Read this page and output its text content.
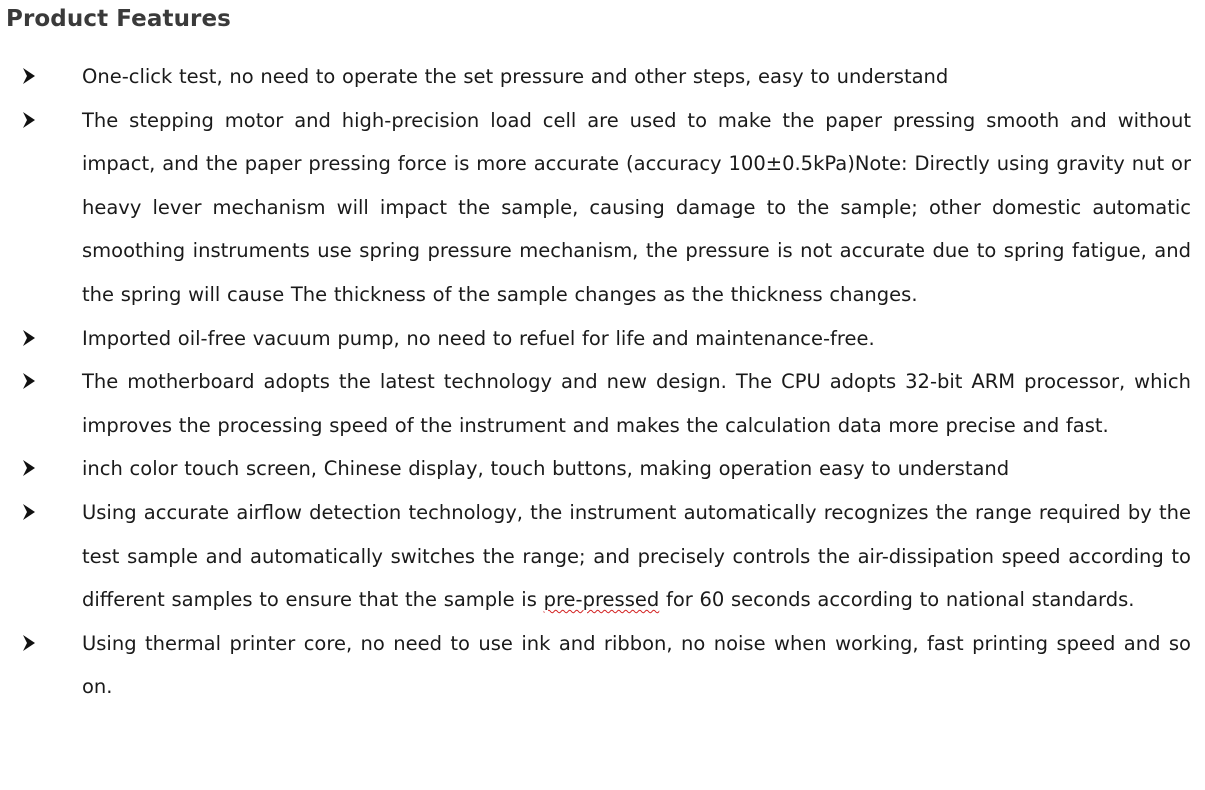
Product Features
One-click test, no need to operate the set pressure and other steps, easy to understand
The stepping motor and high-precision load cell are used to make the paper pressing smooth and without impact, and the paper pressing force is more accurate (accuracy 100±0.5kPa)Note: Directly using gravity nut or heavy lever mechanism will impact the sample, causing damage to the sample; other domestic automatic smoothing instruments use spring pressure mechanism, the pressure is not accurate due to spring fatigue, and the spring will cause The thickness of the sample changes as the thickness changes.
Imported oil-free vacuum pump, no need to refuel for life and maintenance-free.
The motherboard adopts the latest technology and new design. The CPU adopts 32-bit ARM processor, which improves the processing speed of the instrument and makes the calculation data more precise and fast.
inch color touch screen, Chinese display, touch buttons, making operation easy to understand
Using accurate airflow detection technology, the instrument automatically recognizes the range required by the test sample and automatically switches the range; and precisely controls the air-dissipation speed according to different samples to ensure that the sample is pre-pressed for 60 seconds according to national standards.
Using thermal printer core, no need to use ink and ribbon, no noise when working, fast printing speed and so on.
